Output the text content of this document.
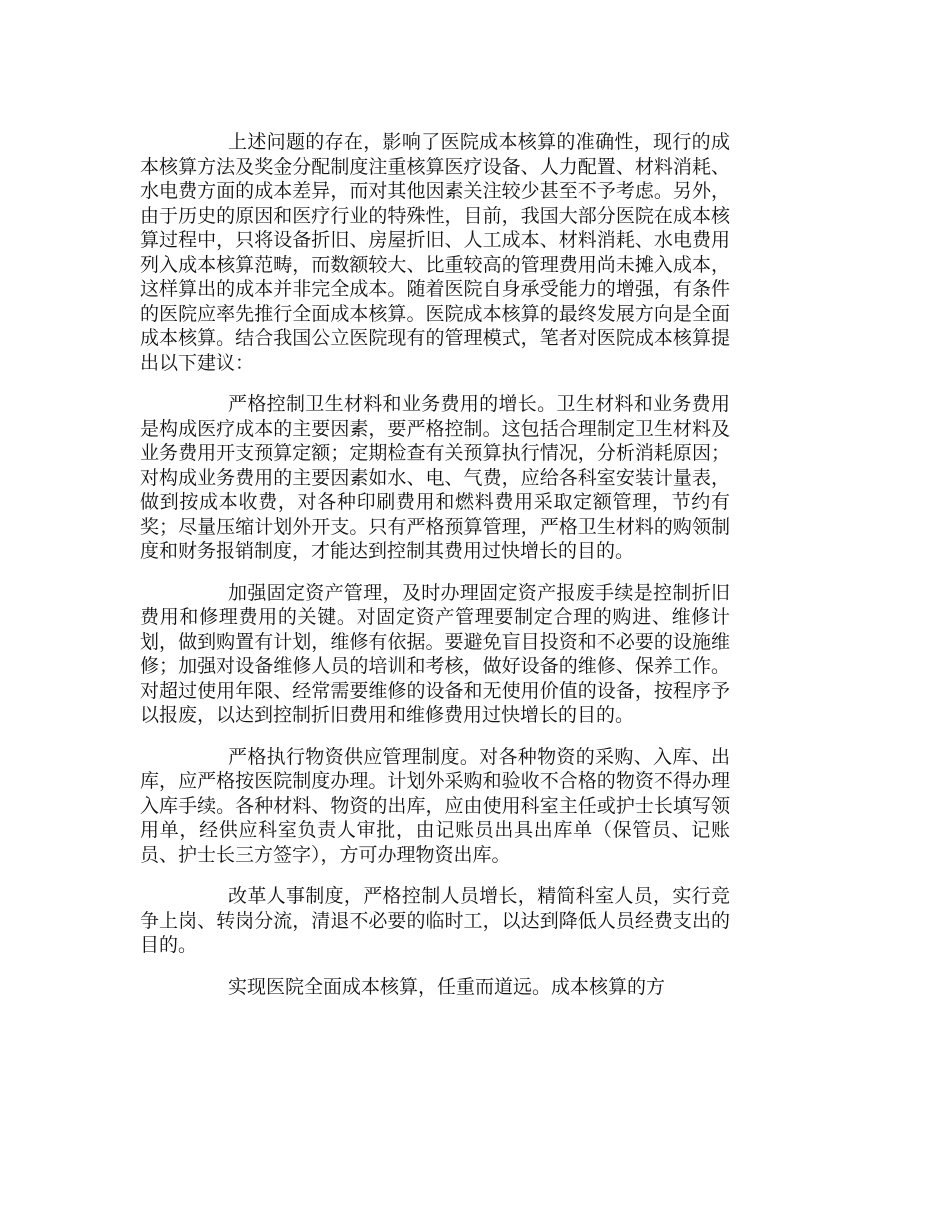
上述问题的存在，影响了医院成本核算的准确性，现行的成本核算方法及奖金分配制度注重核算医疗设备、人力配置、材料消耗、水电费方面的成本差异，而对其他因素关注较少甚至不予考虑。另外，由于历史的原因和医疗行业的特殊性，目前，我国大部分医院在成本核算过程中，只将设备折旧、房屋折旧、人工成本、材料消耗、水电费用列入成本核算范畴，而数额较大、比重较高的管理费用尚未摊入成本，这样算出的成本并非完全成本。随着医院自身承受能力的增强，有条件的医院应率先推行全面成本核算。医院成本核算的最终发展方向是全面成本核算。结合我国公立医院现有的管理模式，笔者对医院成本核算提出以下建议：

严格控制卫生材料和业务费用的增长。卫生材料和业务费用是构成医疗成本的主要因素，要严格控制。这包括合理制定卫生材料及业务费用开支预算定额；定期检查有关预算执行情况，分析消耗原因；对构成业务费用的主要因素如水、电、气费，应给各科室安装计量表，做到按成本收费，对各种印刷费用和燃料费用采取定额管理，节约有奖；尽量压缩计划外开支。只有严格预算管理，严格卫生材料的购领制度和财务报销制度，才能达到控制其费用过快增长的目的。

加强固定资产管理，及时办理固定资产报废手续是控制折旧费用和修理费用的关键。对固定资产管理要制定合理的购进、维修计划，做到购置有计划，维修有依据。要避免盲目投资和不必要的设施维修；加强对设备维修人员的培训和考核，做好设备的维修、保养工作。对超过使用年限、经常需要维修的设备和无使用价值的设备，按程序予以报废，以达到控制折旧费用和维修费用过快增长的目的。

严格执行物资供应管理制度。对各种物资的采购、入库、出库，应严格按医院制度办理。计划外采购和验收不合格的物资不得办理入库手续。各种材料、物资的出库，应由使用科室主任或护士长填写领用单，经供应科室负责人审批，由记账员出具出库单（保管员、记账员、护士长三方签字），方可办理物资出库。

改革人事制度，严格控制人员增长，精简科室人员，实行竞争上岗、转岗分流，清退不必要的临时工，以达到降低人员经费支出的目的。

实现医院全面成本核算，任重而道远。成本核算的方
